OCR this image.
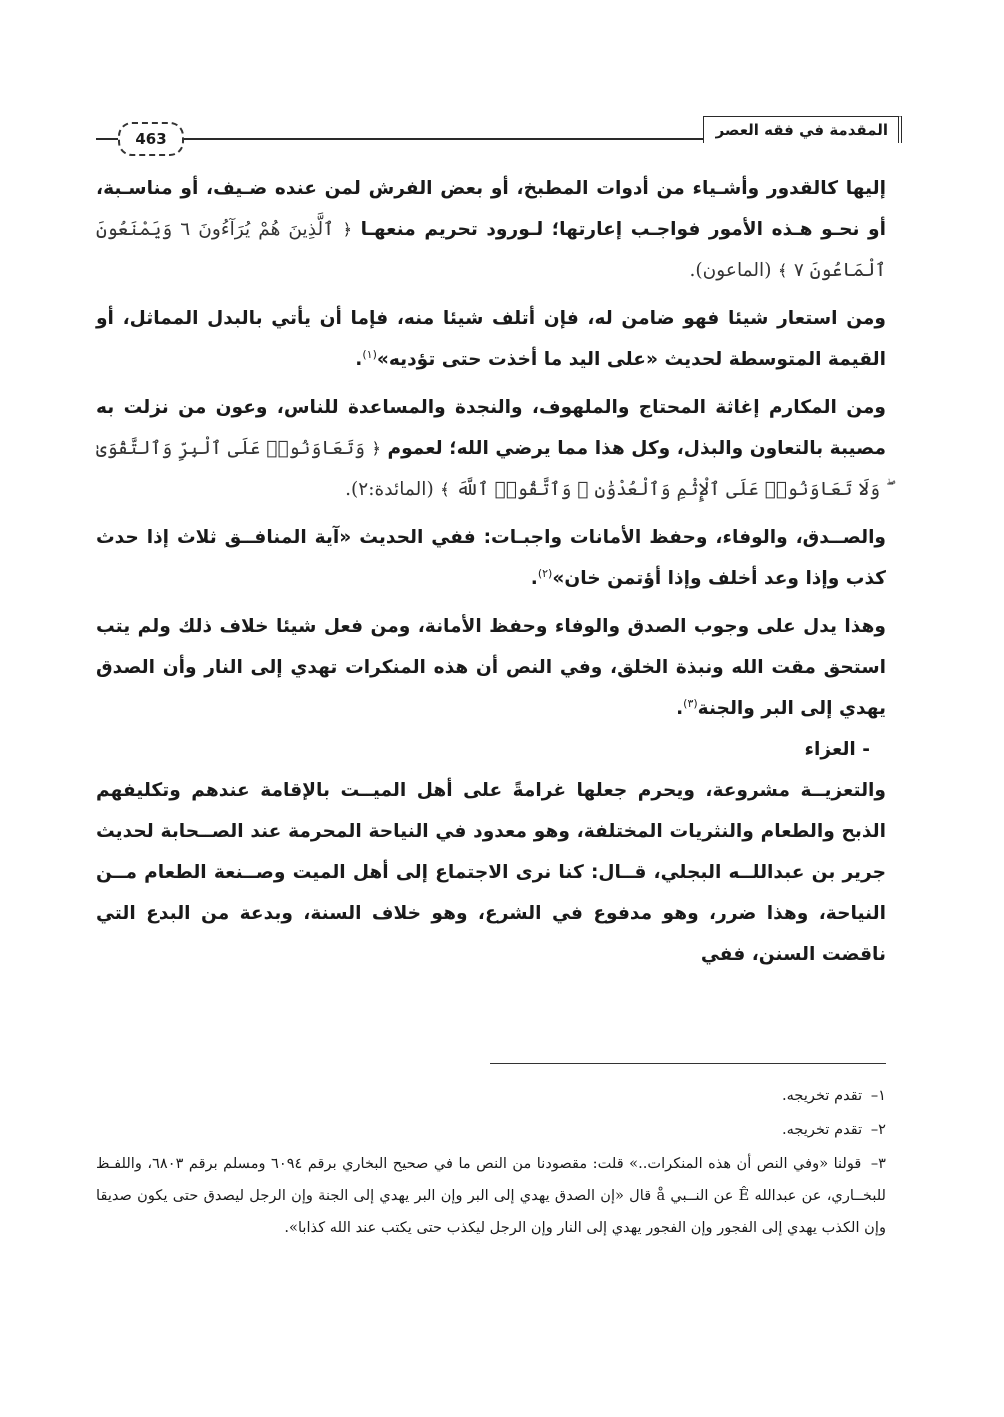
المقدمة في فقه العصر
463

إليها كالقدور وأشـياء من أدوات المطبخ، أو بعض الفرش لمن عنده ضـيف، أو مناسـبة، أو نحـو هـذه الأمور فواجـب إعارتها؛ لـورود تحريم منعهـا ﴿ ٱلَّذِينَ هُمْ يُرَآءُونَ ٦ وَيَمْنَعُونَ ٱلْمَاعُونَ ٧ ﴾ (الماعون).

ومن استعار شيئا فهو ضامن له، فإن أتلف شيئا منه، فإما أن يأتي بالبدل المماثل، أو القيمة المتوسطة لحديث «على اليد ما أخذت حتى تؤديه»$^{(١)}$.

ومن المكارم إغاثة المحتاج والملهوف، والنجدة والمساعدة للناس، وعون من نزلت به مصيبة بالتعاون والبذل، وكل هذا مما يرضي الله؛ لعموم ﴿ وَتَعَاوَنُوا۟ عَلَى ٱلْبِرِّ وَٱلتَّقْوَىٰ ۖ وَلَا تَعَاوَنُوا۟ عَلَى ٱلْإِثْمِ وَٱلْعُدْوَٰنِ ۚ وَٱتَّقُوا۟ ٱللَّهَ ﴾ (المائدة:٢).

والصــدق، والوفاء، وحفظ الأمانات واجبـات: ففي الحديث «آية المنافــق ثلاث إذا حدث كذب وإذا وعد أخلف وإذا أؤتمن خان»$^{(٢)}$.

وهذا يدل على وجوب الصدق والوفاء وحفظ الأمانة، ومن فعل شيئا خلاف ذلك ولم يتب استحق مقت الله ونبذة الخلق، وفي النص أن هذه المنكرات تهدي إلى النار وأن الصدق يهدي إلى البر والجنة$^{(٣)}$.

- العزاء

والتعزيــة مشروعة، ويحرم جعلها غرامةً على أهل الميــت بالإقامة عندهم وتكليفهم الذبح والطعام والنثريات المختلفة، وهو معدود في النياحة المحرمة عند الصــحابة لحديث جرير بن عبداللــه البجلي، قــال: كنا نرى الاجتماع إلى أهل الميت وصــنعة الطعام مــن النياحة، وهذا ضرر، وهو مدفوع في الشرع، وهو خلاف السنة، وبدعة من البدع التي ناقضت السنن، ففي

١– تقدم تخريجه.

٢– تقدم تخريجه.

٣– قولنا «وفي النص أن هذه المنكرات..» قلت: مقصودنا من النص ما في صحيح البخاري برقم ٦٠٩٤ ومسلم برقم ٦٨٠٣، واللفـظ للبخــاري، عن عبدالله Ê عن النــبي å قال «إن الصدق يهدي إلى البر وإن البر يهدي إلى الجنة وإن الرجل ليصدق حتى يكون صديقا وإن الكذب يهدي إلى الفجور وإن الفجور يهدي إلى النار وإن الرجل ليكذب حتى يكتب عند الله كذابا».
